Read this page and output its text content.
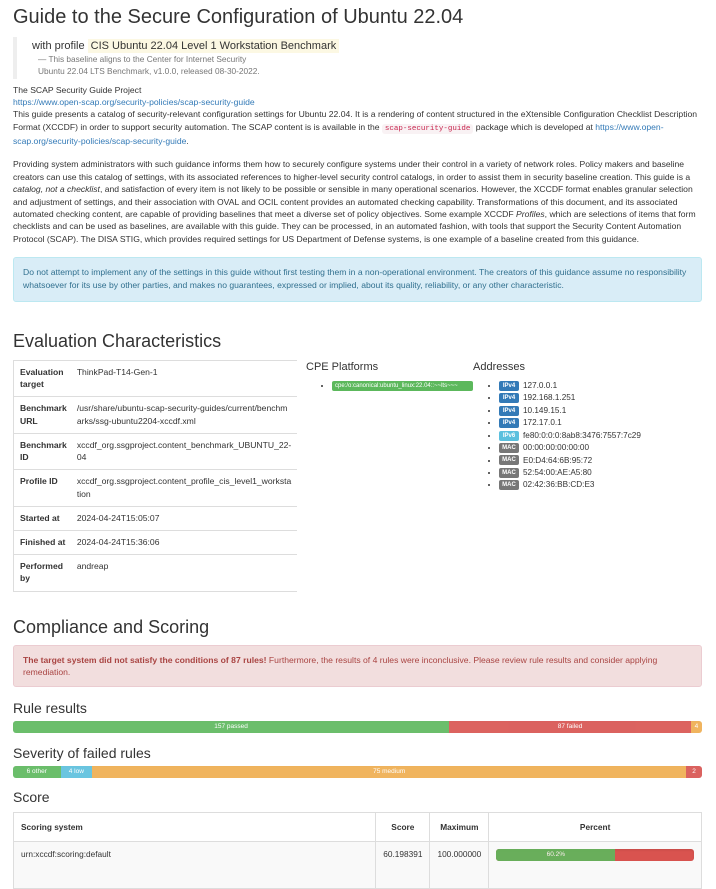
Guide to the Secure Configuration of Ubuntu 22.04
with profile CIS Ubuntu 22.04 Level 1 Workstation Benchmark
— This baseline aligns to the Center for Internet Security
Ubuntu 22.04 LTS Benchmark, v1.0.0, released 08-30-2022.
The SCAP Security Guide Project
https://www.open-scap.org/security-policies/scap-security-guide

This guide presents a catalog of security-relevant configuration settings for Ubuntu 22.04. It is a rendering of content structured in the eXtensible Configuration Checklist Description Format (XCCDF) in order to support security automation. The SCAP content is is available in the scap-security-guide package which is developed at https://www.open-scap.org/security-policies/scap-security-guide.

Providing system administrators with such guidance informs them how to securely configure systems under their control in a variety of network roles. Policy makers and baseline creators can use this catalog of settings, with its associated references to higher-level security control catalogs, in order to assist them in security baseline creation. This guide is a catalog, not a checklist, and satisfaction of every item is not likely to be possible or sensible in many operational scenarios. However, the XCCDF format enables granular selection and adjustment of settings, and their association with OVAL and OCIL content provides an automated checking capability. Transformations of this document, and its associated automated checking content, are capable of providing baselines that meet a diverse set of policy objectives. Some example XCCDF Profiles, which are selections of items that form checklists and can be used as baselines, are available with this guide. They can be processed, in an automated fashion, with tools that support the Security Content Automation Protocol (SCAP). The DISA STIG, which provides required settings for US Department of Defense systems, is one example of a baseline created from this guidance.

Do not attempt to implement any of the settings in this guide without first testing them in a non-operational environment. The creators of this guidance assume no responsibility whatsoever for its use by other parties, and makes no guarantees, expressed or implied, about its quality, reliability, or any other characteristic.
Evaluation Characteristics
Evaluation target	ThinkPad-T14-Gen-1
Benchmark URL	/usr/share/ubuntu-scap-security-guides/current/benchmarks/ssg-ubuntu2204-xccdf.xml
Benchmark ID	xccdf_org.ssgproject.content_benchmark_UBUNTU_22-04
Profile ID	xccdf_org.ssgproject.content_profile_cis_level1_workstation
Started at	2024-04-24T15:05:07
Finished at	2024-04-24T15:36:06
Performed by	andreap
CPE Platforms
• cpe:/o:canonical:ubuntu_linux:22.04::~~lts~~~
Addresses
• IPv4 127.0.0.1
• IPv4 192.168.1.251
• IPv4 10.149.15.1
• IPv4 172.17.0.1
• IPv6 fe80:0:0:0:8ab8:3476:7557:7c29
• MAC 00:00:00:00:00:00
• MAC E0:D4:64:6B:95:72
• MAC 52:54:00:AE:A5:80
• MAC 02:42:36:BB:CD:E3
Compliance and Scoring
The target system did not satisfy the conditions of 87 rules! Furthermore, the results of 4 rules were inconclusive. Please review rule results and consider applying remediation.
Rule results
157 passed	87 failed	4
Severity of failed rules
6 other	4 low	75 medium	2
Score
Scoring system	Score	Maximum	Percent
urn:xccdf:scoring:default	60.198391	100.000000	60.2%
